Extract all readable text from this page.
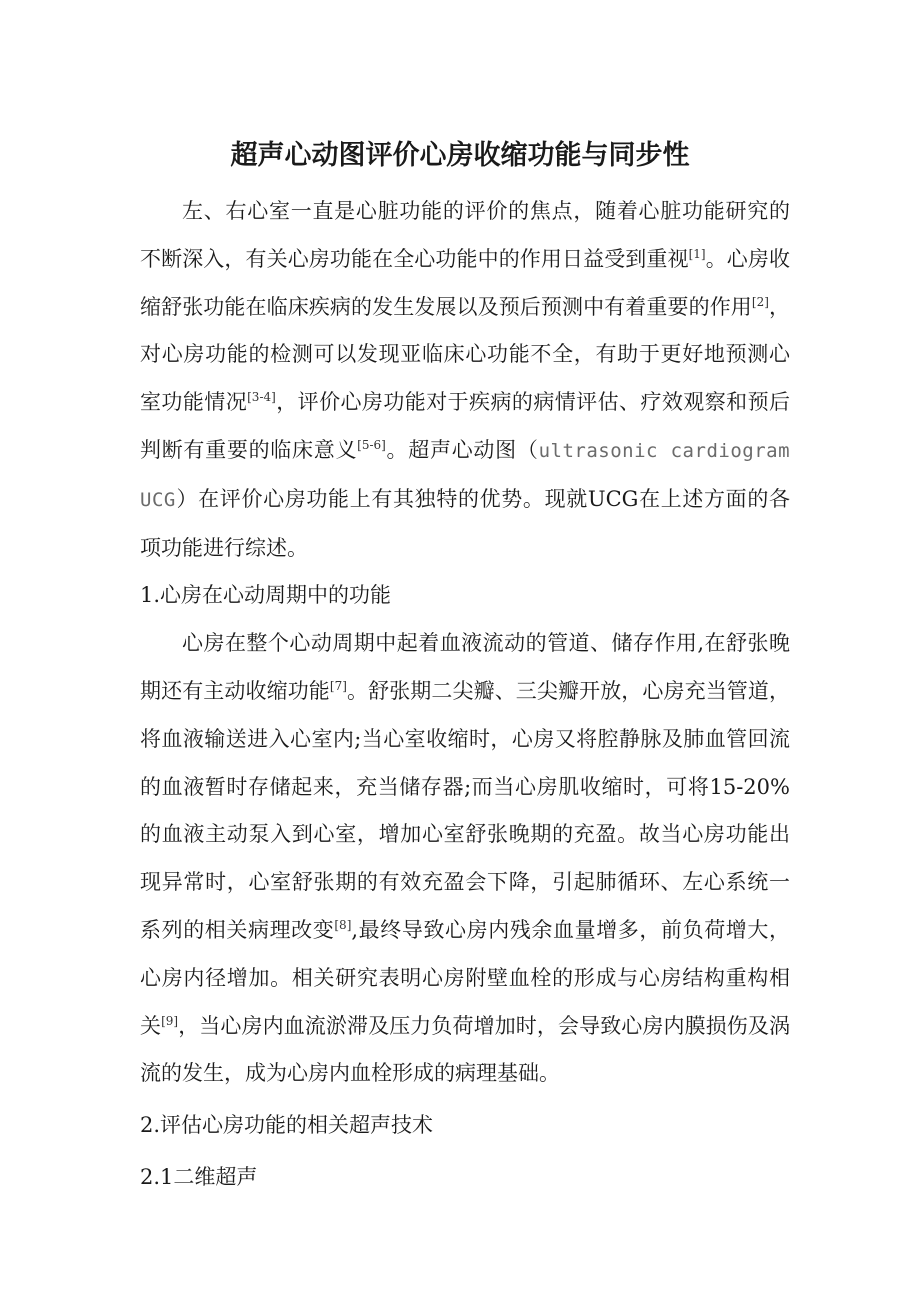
超声心动图评价心房收缩功能与同步性

左、右心室一直是心脏功能的评价的焦点，随着心脏功能研究的不断深入，有关心房功能在全心功能中的作用日益受到重视[1]。心房收缩舒张功能在临床疾病的发生发展以及预后预测中有着重要的作用[2]，对心房功能的检测可以发现亚临床心功能不全，有助于更好地预测心室功能情况[3-4]，评价心房功能对于疾病的病情评估、疗效观察和预后判断有重要的临床意义[5-6]。超声心动图（ultrasonic cardiogram UCG）在评价心房功能上有其独特的优势。现就UCG在上述方面的各项功能进行综述。

1.心房在心动周期中的功能

心房在整个心动周期中起着血液流动的管道、储存作用,在舒张晚期还有主动收缩功能[7]。舒张期二尖瓣、三尖瓣开放，心房充当管道，将血液输送进入心室内;当心室收缩时，心房又将腔静脉及肺血管回流的血液暂时存储起来，充当储存器;而当心房肌收缩时，可将15-20%的血液主动泵入到心室，增加心室舒张晚期的充盈。故当心房功能出现异常时，心室舒张期的有效充盈会下降，引起肺循环、左心系统一系列的相关病理改变[8],最终导致心房内残余血量增多，前负荷增大，心房内径增加。相关研究表明心房附壁血栓的形成与心房结构重构相关[9]，当心房内血流淤滞及压力负荷增加时，会导致心房内膜损伤及涡流的发生，成为心房内血栓形成的病理基础。

2.评估心房功能的相关超声技术

2.1二维超声
